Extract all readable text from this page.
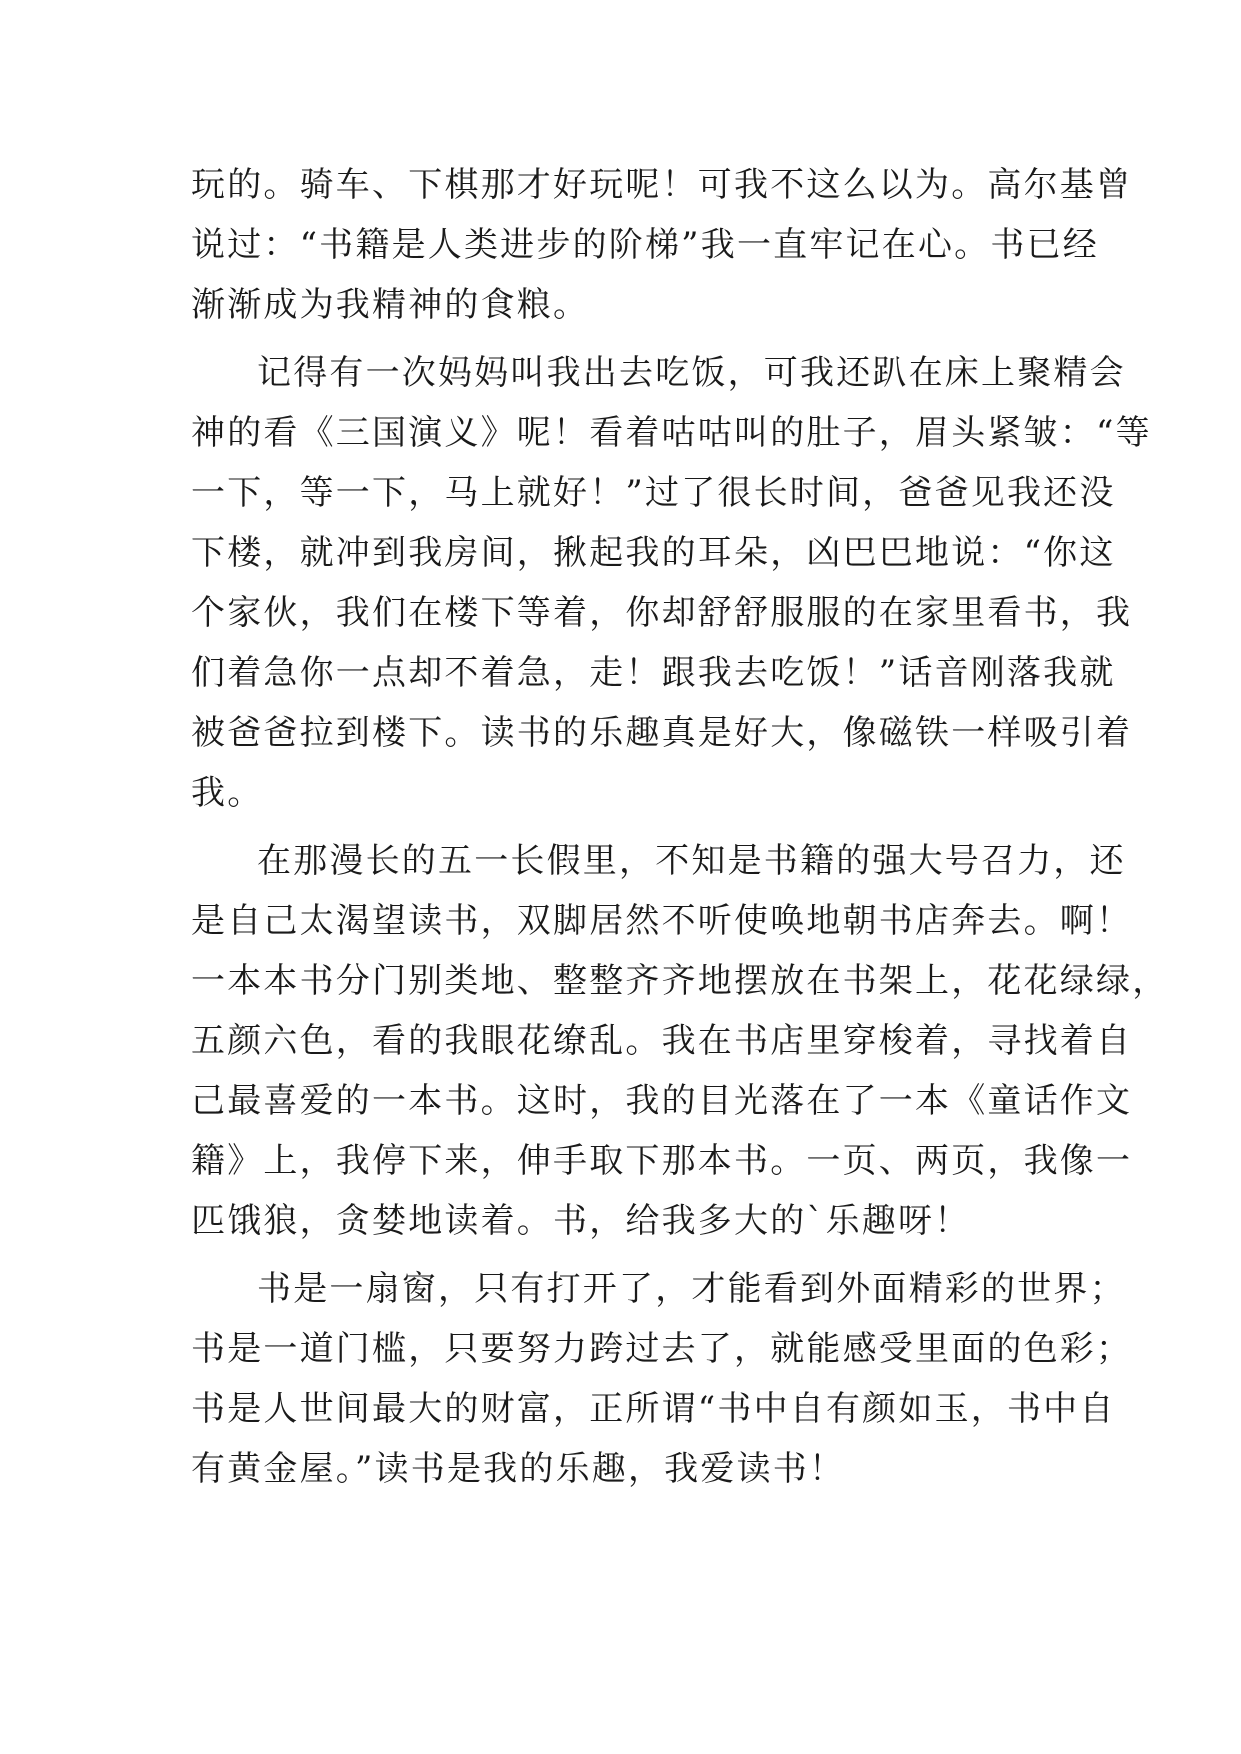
玩的。骑车、下棋那才好玩呢！可我不这么以为。高尔基曾
说过：“书籍是人类进步的阶梯”我一直牢记在心。书已经
渐渐成为我精神的食粮。
记得有一次妈妈叫我出去吃饭，可我还趴在床上聚精会
神的看《三国演义》呢！看着咕咕叫的肚子，眉头紧皱：“等
一下，等一下，马上就好！”过了很长时间，爸爸见我还没
下楼，就冲到我房间，揪起我的耳朵，凶巴巴地说：“你这
个家伙，我们在楼下等着，你却舒舒服服的在家里看书，我
们着急你一点却不着急，走！跟我去吃饭！”话音刚落我就
被爸爸拉到楼下。读书的乐趣真是好大，像磁铁一样吸引着
我。
在那漫长的五一长假里，不知是书籍的强大号召力，还
是自己太渴望读书，双脚居然不听使唤地朝书店奔去。啊！
一本本书分门别类地、整整齐齐地摆放在书架上，花花绿绿，
五颜六色，看的我眼花缭乱。我在书店里穿梭着，寻找着自
己最喜爱的一本书。这时，我的目光落在了一本《童话作文
籍》上，我停下来，伸手取下那本书。一页、两页，我像一
匹饿狼，贪婪地读着。书，给我多大的`乐趣呀！
书是一扇窗，只有打开了，才能看到外面精彩的世界；
书是一道门槛，只要努力跨过去了，就能感受里面的色彩；
书是人世间最大的财富，正所谓“书中自有颜如玉，书中自
有黄金屋。”读书是我的乐趣，我爱读书！
